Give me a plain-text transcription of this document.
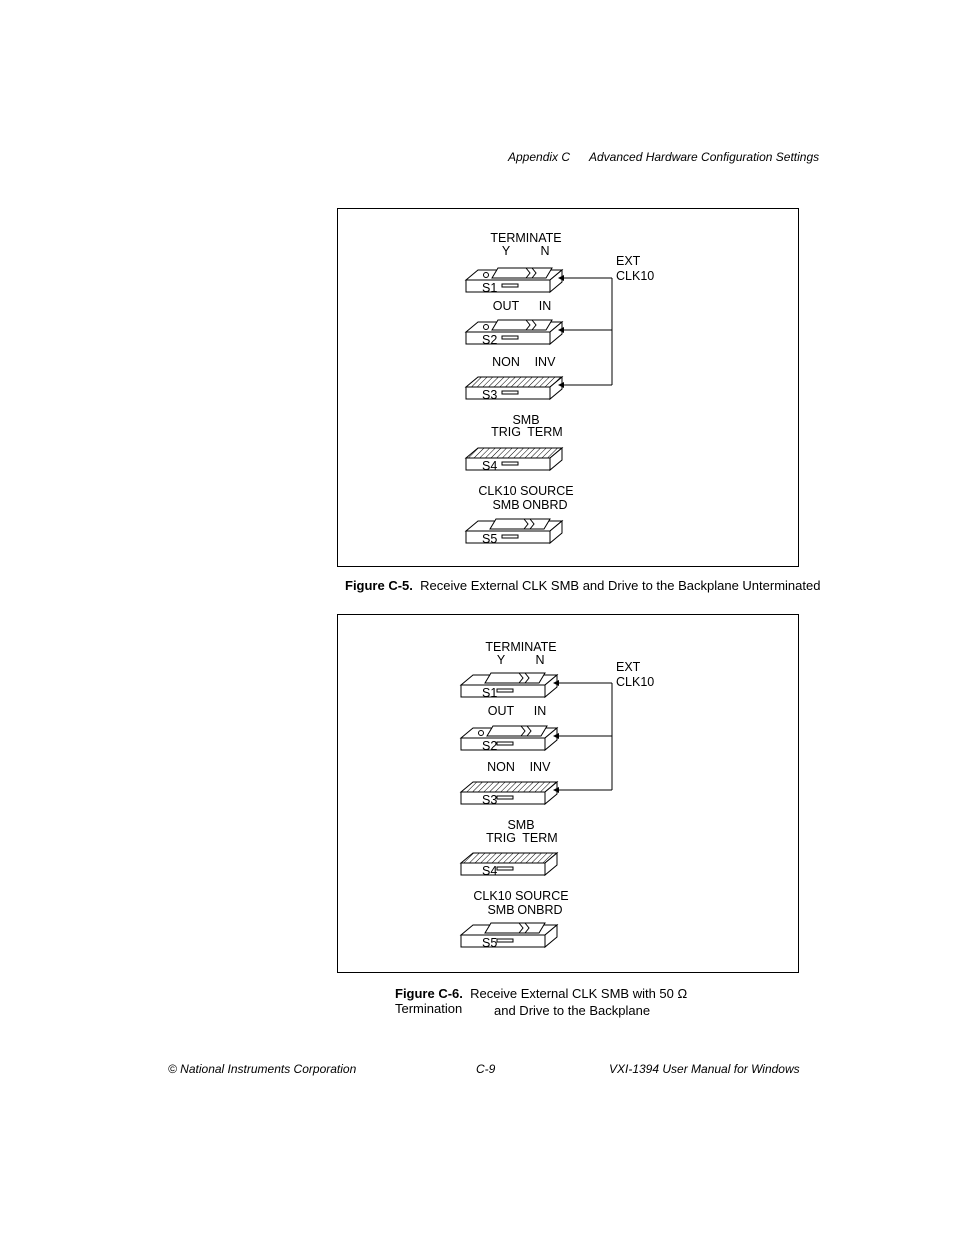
Appendix C Advanced Hardware Configuration Settings
S1
TERMINATE
Y N
S2
OUT IN
S3
NON INV
S4
SMB
TRIG TERM
S5
CLK10 SOURCE
SMB ONBRD
EXT
CLK10
Figure C-5. Receive External CLK SMB and Drive to the Backplane Unterminated
S1
TERMINATE
Y N
S2
OUT IN
S3
NON INV
S4
SMB
TRIG TERM
S5
CLK10 SOURCE
SMB ONBRD
EXT
CLK10
Figure C-6. Receive External CLK SMB with 50 Ω Termination	and Drive to the Backplane
© National Instruments Corporation	C-9	VXI-1394 User Manual for Windows
